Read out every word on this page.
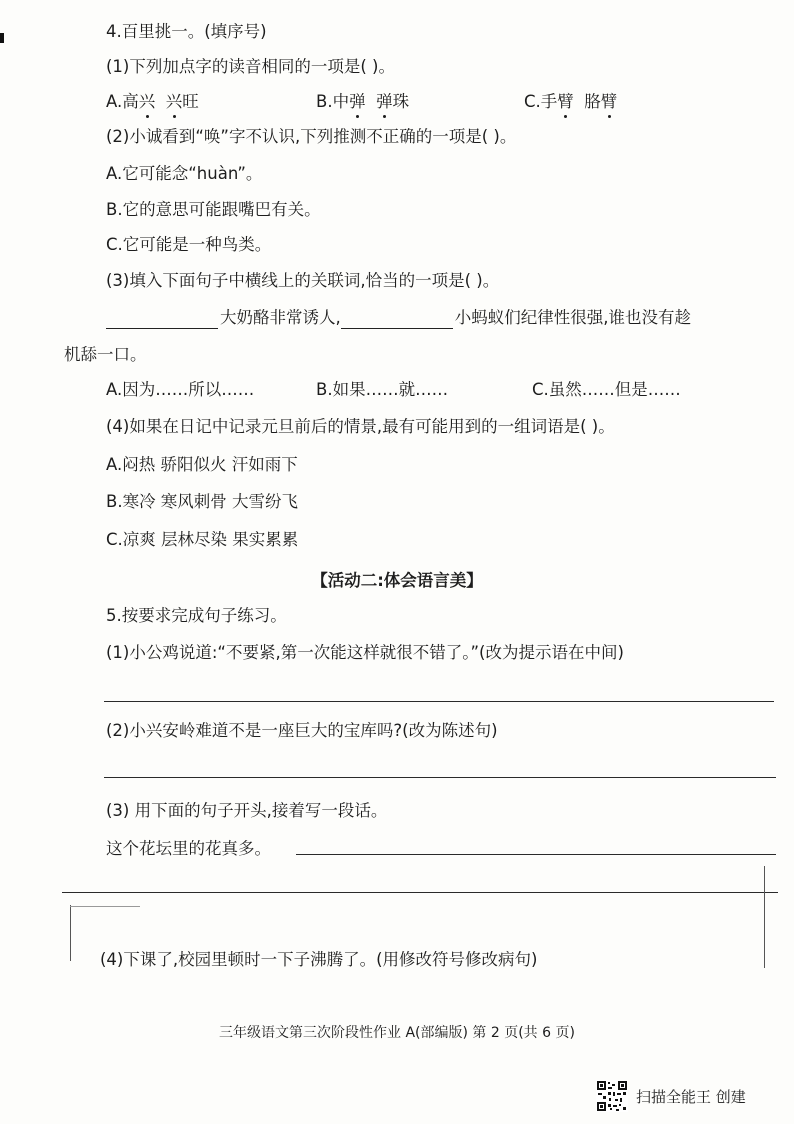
4.百里挑一。(填序号)
(1)下列加点字的读音相同的一项是( )。
A.高兴 兴旺	B.中弹 弹珠	C.手臂 胳臂
(2)小诚看到“唤”字不认识,下列推测不正确的一项是( )。
A.它可能念“huàn”。
B.它的意思可能跟嘴巴有关。
C.它可能是一种鸟类。
(3)填入下面句子中横线上的关联词,恰当的一项是( )。
大奶酪非常诱人,	小蚂蚁们纪律性很强,谁也没有趁
机舔一口。
A.因为……所以……	B.如果……就……	C.虽然……但是……
(4)如果在日记中记录元旦前后的情景,最有可能用到的一组词语是( )。
A.闷热 骄阳似火 汗如雨下
B.寒冷 寒风刺骨 大雪纷飞
C.凉爽 层林尽染 果实累累
【活动二:体会语言美】
5.按要求完成句子练习。
(1)小公鸡说道:“不要紧,第一次能这样就很不错了。”(改为提示语在中间)
(2)小兴安岭难道不是一座巨大的宝库吗?(改为陈述句)
(3) 用下面的句子开头,接着写一段话。
这个花坛里的花真多。
(4)下课了,校园里顿时一下子沸腾了。(用修改符号修改病句)
三年级语文第三次阶段性作业 A(部编版) 第 2 页(共 6 页)
扫描全能王 创建
